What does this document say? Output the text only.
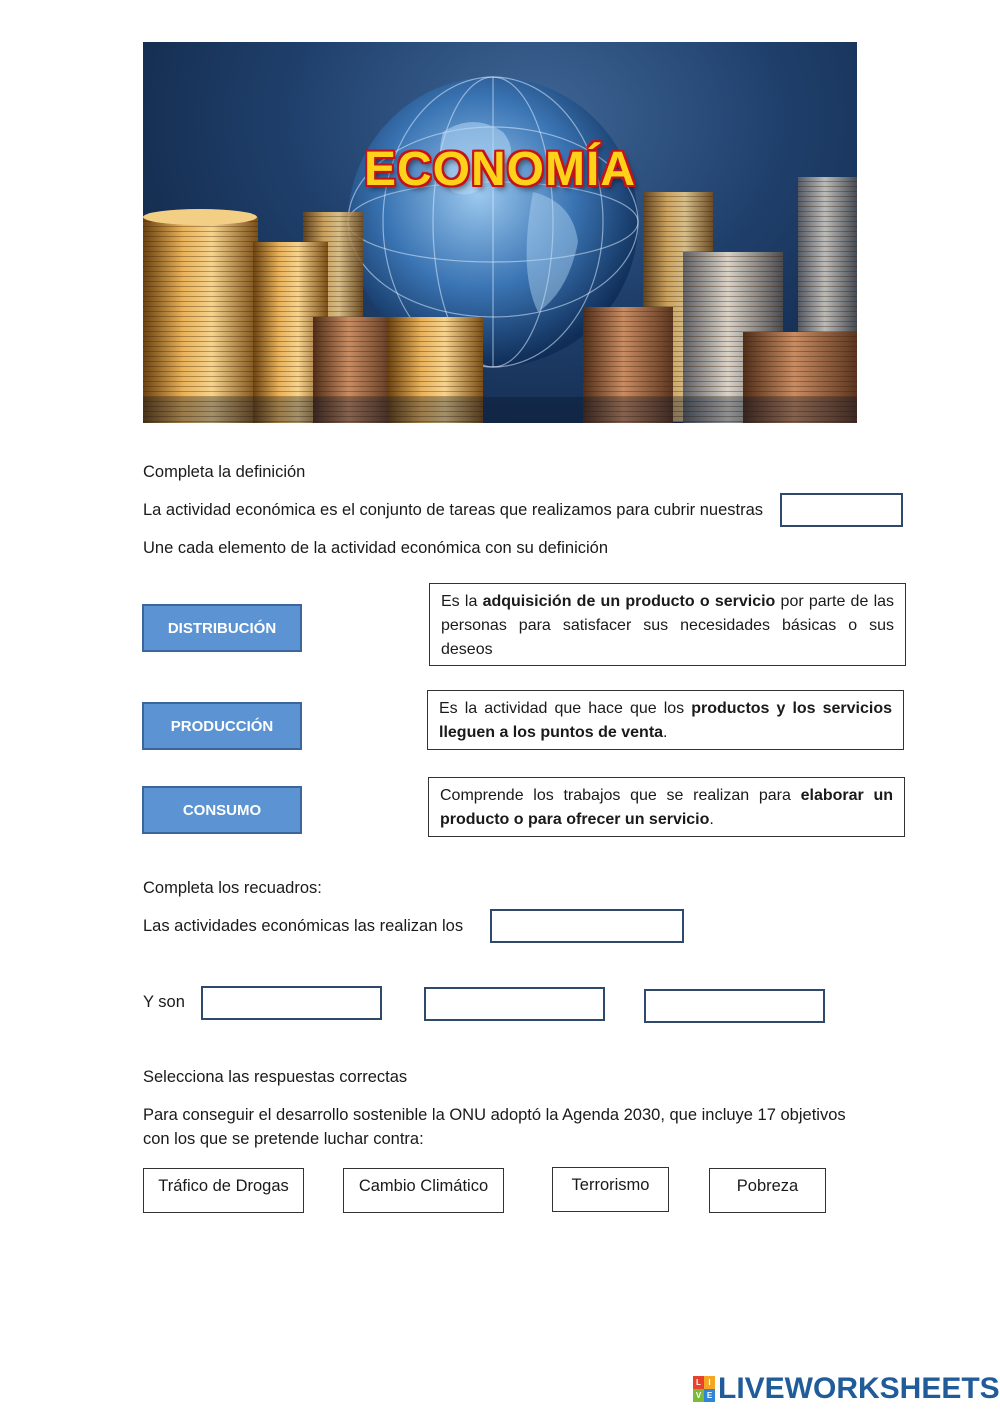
ECONOMÍA
Completa la definición
La actividad económica es el conjunto de tareas que realizamos para cubrir nuestras
Une cada elemento de la actividad económica con su definición
DISTRIBUCIÓN
PRODUCCIÓN
CONSUMO
Es la adquisición de un producto o servicio por parte de las personas para satisfacer sus necesidades básicas o sus deseos
Es la actividad que hace que los productos y los servicios lleguen a los puntos de venta.
Comprende los trabajos que se realizan para elaborar un producto o para ofrecer un servicio.
Completa los recuadros:
Las actividades económicas las realizan los
Y son
Selecciona las respuestas correctas
Para conseguir el desarrollo sostenible la ONU adoptó la Agenda 2030, que incluye 17 objetivos
con los que se pretende luchar contra:
Tráfico de Drogas	Cambio Climático	Terrorismo	Pobreza
L I
V E LIVEWORKSHEETS
